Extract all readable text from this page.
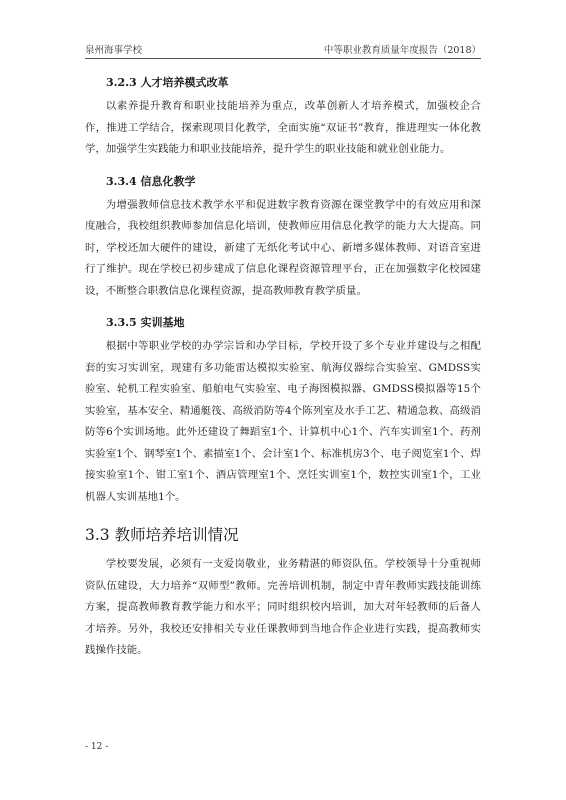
泉州海事学校	中等职业教育质量年度报告（2018）
3.2.3 人才培养模式改革

以素养提升教育和职业技能培养为重点，改革创新人才培养模式，加强校企合作，推进工学结合，探索现项目化教学，全面实施“双证书”教育，推进理实一体化教学，加强学生实践能力和职业技能培养，提升学生的职业技能和就业创业能力。

3.3.4 信息化教学

为增强教师信息技术教学水平和促进数字教育资源在课堂教学中的有效应用和深度融合，我校组织教师参加信息化培训，使教师应用信息化教学的能力大大提高。同时，学校还加大硬件的建设，新建了无纸化考试中心、新增多媒体教师、对语音室进行了维护。现在学校已初步建成了信息化课程资源管理平台，正在加强数字化校园建设，不断整合职教信息化课程资源，提高教师教育教学质量。

3.3.5 实训基地

根据中等职业学校的办学宗旨和办学目标，学校开设了多个专业并建设与之相配套的实习实训室，现建有多功能雷达模拟实验室、航海仪器综合实验室、GMDSS实验室、轮机工程实验室、船舶电气实验室、电子海图模拟器、GMDSS模拟器等15个实验室，基本安全、精通艇筏、高级消防等4个陈列室及水手工艺、精通急救、高级消防等6个实训场地。此外还建设了舞蹈室1个、计算机中心1个、汽车实训室1个、药剂实验室1个、钢琴室1个、素描室1个、会计室1个、标准机房3个、电子阅览室1个、焊接实验室1个、钳工室1个、酒店管理室1个、烹饪实训室1个，数控实训室1个，工业机器人实训基地1个。

3.3 教师培养培训情况

学校要发展，必须有一支爱岗敬业，业务精湛的师资队伍。学校领导十分重视师资队伍建设，大力培养“双师型”教师。完善培训机制，制定中青年教师实践技能训练方案，提高教师教育教学能力和水平；同时组织校内培训，加大对年轻教师的后备人才培养。另外，我校还安排相关专业任课教师到当地合作企业进行实践，提高教师实践操作技能。

- 12 -
